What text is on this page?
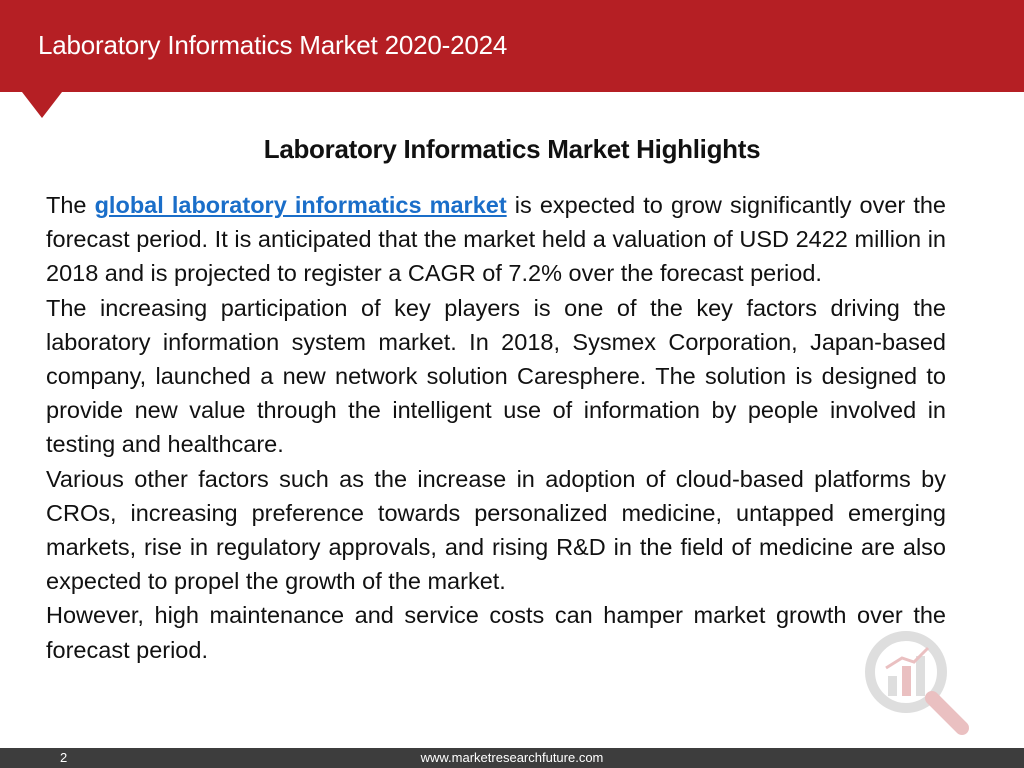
Laboratory Informatics Market 2020-2024
Laboratory Informatics Market Highlights

The global laboratory informatics market is expected to grow significantly over the forecast period. It is anticipated that the market held a valuation of USD 2422 million in 2018 and is projected to register a CAGR of 7.2% over the forecast period.

The increasing participation of key players is one of the key factors driving the laboratory information system market. In 2018, Sysmex Corporation, Japan-based company, launched a new network solution Caresphere. The solution is designed to provide new value through the intelligent use of information by people involved in testing and healthcare.

Various other factors such as the increase in adoption of cloud-based platforms by CROs, increasing preference towards personalized medicine, untapped emerging markets, rise in regulatory approvals, and rising R&D in the field of medicine are also expected to propel the growth of the market.

However, high maintenance and service costs can hamper market growth over the forecast period.

2	www.marketresearchfuture.com
